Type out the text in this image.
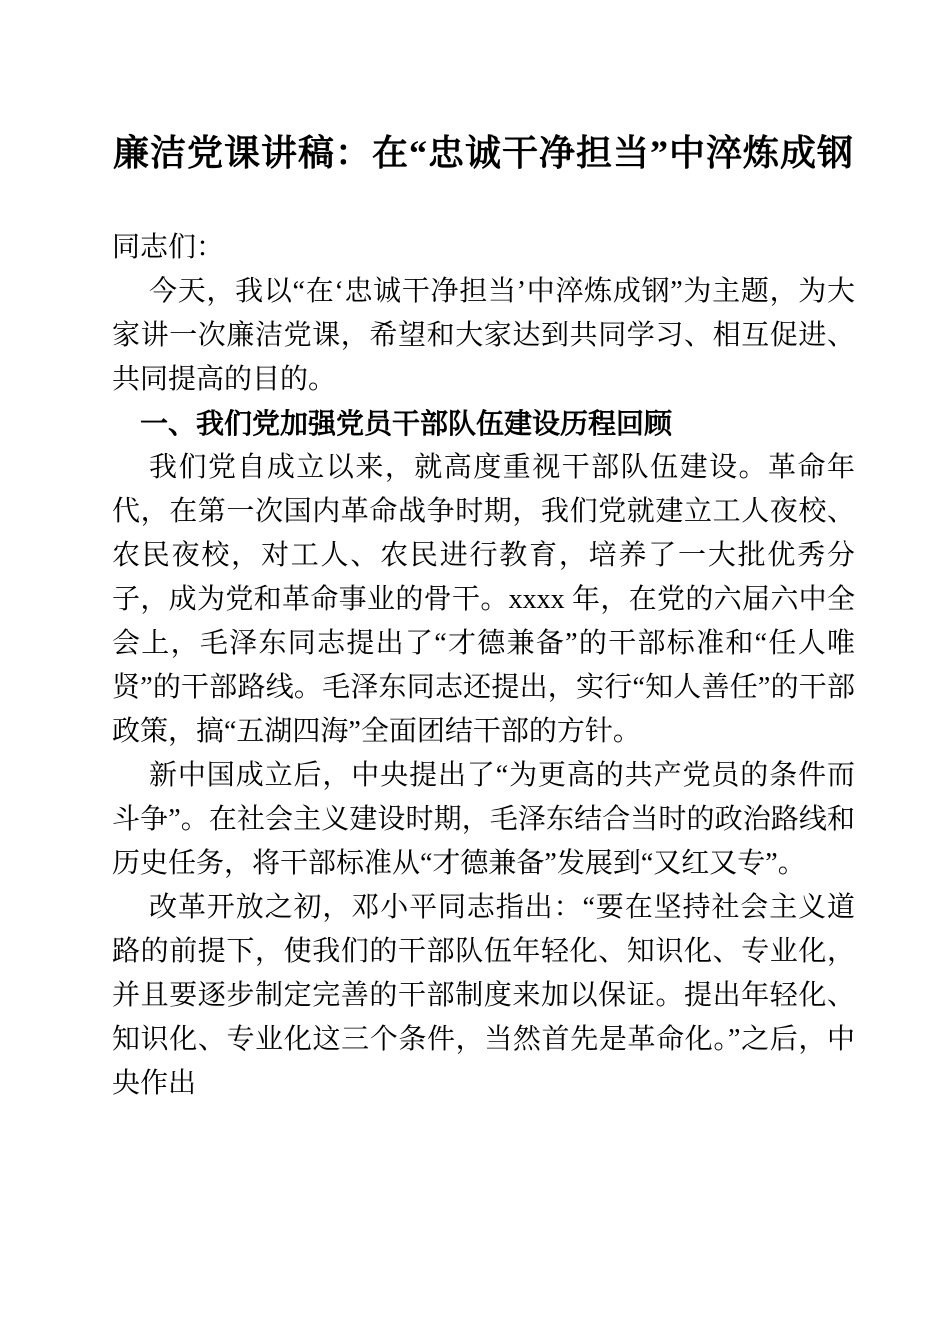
廉洁党课讲稿：在“忠诚干净担当”中淬炼成钢

同志们：

今天，我以“在‘忠诚干净担当’中淬炼成钢”为主题，为大家讲一次廉洁党课，希望和大家达到共同学习、相互促进、共同提高的目的。

一、我们党加强党员干部队伍建设历程回顾

我们党自成立以来，就高度重视干部队伍建设。革命年代，在第一次国内革命战争时期，我们党就建立工人夜校、农民夜校，对工人、农民进行教育，培养了一大批优秀分子，成为党和革命事业的骨干。xxxx 年，在党的六届六中全会上，毛泽东同志提出了“才德兼备”的干部标准和“任人唯贤”的干部路线。毛泽东同志还提出，实行“知人善任”的干部政策，搞“五湖四海”全面团结干部的方针。

新中国成立后，中央提出了“为更高的共产党员的条件而斗争”。在社会主义建设时期，毛泽东结合当时的政治路线和历史任务，将干部标准从“才德兼备”发展到“又红又专”。

改革开放之初，邓小平同志指出：“要在坚持社会主义道路的前提下，使我们的干部队伍年轻化、知识化、专业化，并且要逐步制定完善的干部制度来加以保证。提出年轻化、知识化、专业化这三个条件，当然首先是革命化。”之后，中央作出
